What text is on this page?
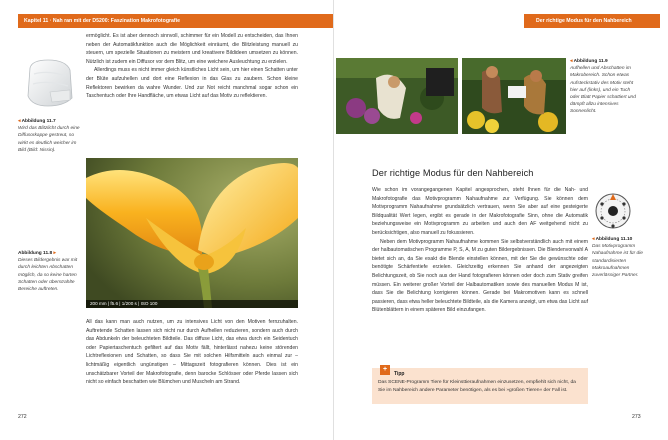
Kapitel 11 · Nah ran mit der D5200: Faszination Makrofotografie
◂ Abbildung 11.7
Wird das Blitzlicht durch eine Diffusorkappe gestreut, so wirkt es deutlich weicher im Bild (Bild: Nissin).
Abbildung 11.8 ▸
Dieses Bildergebnis war mit durch leichten Abschatten möglich, da so keine harten Schatten oder überstrahlte Bereiche auftreten.

ermöglicht. Es ist aber dennoch sinnvoll, schimmer für ein Modell zu entscheiden, das Ihnen neben der Automatikfunktion auch die Möglichkeit einräumt, die Blitzleistung manuell zu steuern, um spezielle Situationen zu meistern und kreativere Bildideen umsetzen zu können. Nützlich ist zudem ein Diffusor vor dem Blitz, um eine weichere Ausleuchtung zu erzielen.

Allerdings muss es nicht immer gleich künstliches Licht sein, um hier einen Schatten unter der Blüte aufzuhellen und dort eine Reflexion in das Glas zu zaubern. Schon kleine Reflektoren bewirken da wahre Wunder. Und zur Not reicht manchmal sogar schon ein Taschentuch oder Ihre Handfläche, um etwas Licht auf das Motiv zu reflektieren.

200 mm | f5.6 | 1/200 s | ISO 100

All das kann man auch nutzen, um zu intensives Licht von den Motiven fernzuhalten. Auftretende Schatten lassen sich nicht nur durch Aufhellen reduzieren, sondern auch durch das Abdunkeln der beleuchteten Bildteile. Das diffuse Licht, das etwa durch ein Seidentuch oder Papiertaschentuch gefiltert auf das Motiv fällt, hinterlässt nahezu keine störenden Lichtreflexionen und Schatten, so dass Sie mit solchen Hilfsmitteln auch einmal zur – lichtmäßig eigentlich ungünstigen – Mittagszeit fotografieren können. Dies ist ein unschätzbarer Vorteil der Makrofotografie, denn barocke Schlösser oder Pferde lassen sich nicht so einfach beschatten wie Blümchen und Muscheln am Strand.

272
Der richtige Modus für den Nahbereich
◂ Abbildung 11.9
Aufhellen und Abschatten im Makrobereich. Schon etwas Aufsteckstativ des Motiv steht hier auf (links), und ein Tuch oder Blatt Papier schattiert und dämpft allzu intensives Sonnenlicht.
◂ Abbildung 11.10
Das Motivprogramm Nahaufnahme ist für die standardisierten Makroaufnahmen zuverlässiger Partner.
273
Der richtige Modus für den Nahbereich

Wie schon im vorangegangenen Kapitel angesprochen, steht Ihnen für die Nah- und Makrofotografie das Motivprogramm Nahaufnahme zur Verfügung. Sie können dem Motivprogramm Nahaufnahme grundsätzlich vertrauen, wenn Sie aber auf eine gesteigerte Bildqualität Wert legen, ergibt es gerade in der Makrofotografie Sinn, ohne die Automatik beziehungsweise ein Motivprogramm zu arbeiten und auch den AF weitgehend nicht zu berücksichtigen, also manuell zu fokussieren.

Neben dem Motivprogramm Nahaufnahme kommen Sie selbstverständlich auch mit einem der halbautomatischen Programme P, S, A, M zu guten Bildergebnissen. Die Blendenvorwahl A bietet sich an, da Sie exakt die Blende einstellen können, mit der Sie die gewünschte oder benötigte Schärfentiefe erzielen. Gleichzeitig erkennen Sie anhand der angezeigten Belichtungszeit, ob Sie noch aus der Hand fotografieren können oder doch zum Stativ greifen müssen. Ein weiterer großer Vorteil der Halbautomatiken sowie des manuellen Modus M ist, dass Sie die Belichtung korrigieren können. Gerade bei Makromotiven kann es schnell passieren, dass etwa heller beleuchtete Bildteile, als die Kamera anzeigt, um etwa das Licht auf Blütenblättern in einem späteren Bild einzufangen.

+
Tipp
Das SCENE-Programm Tiere für Kleinsttieraufnahmen einzusetzen, empfiehlt sich nicht, da Sie im Nahbereich andere Parameter benötigen, als es bei »großen Tieren« der Fall ist.
